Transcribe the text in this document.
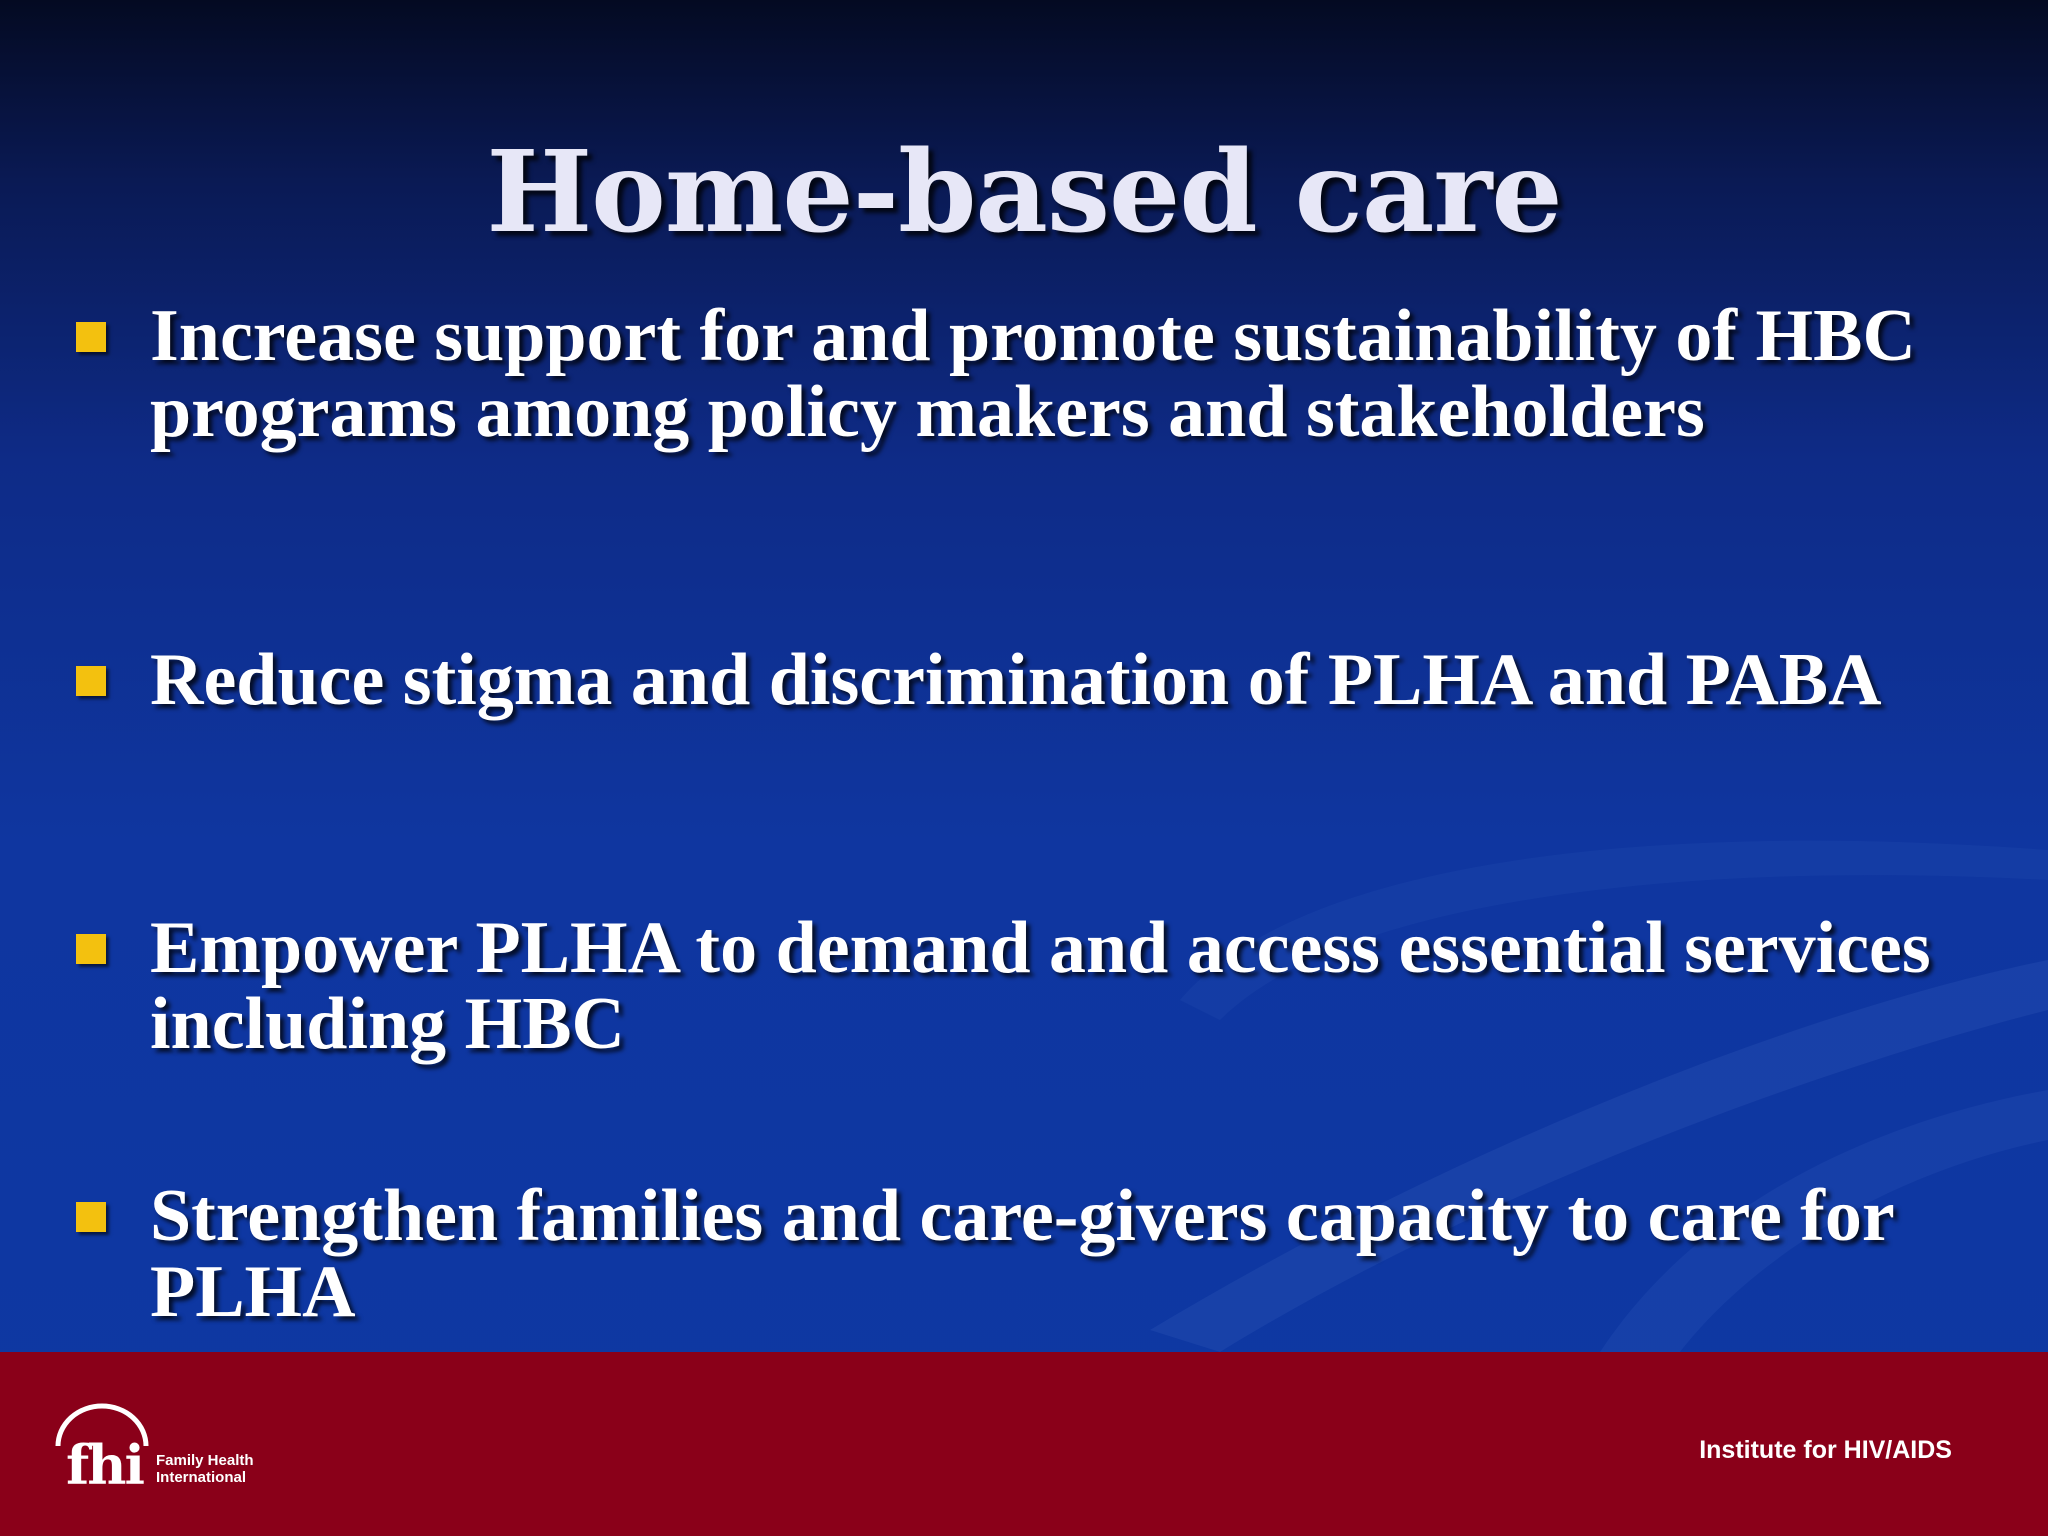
Home-based care
Increase support for and promote sustainability of HBC programs among policy makers and stakeholders
Reduce stigma and discrimination of PLHA and PABA
Empower PLHA to demand and access essential services including HBC
Strengthen families and care-givers capacity to care for PLHA
fhi Family Health
International
Institute for HIV/AIDS
